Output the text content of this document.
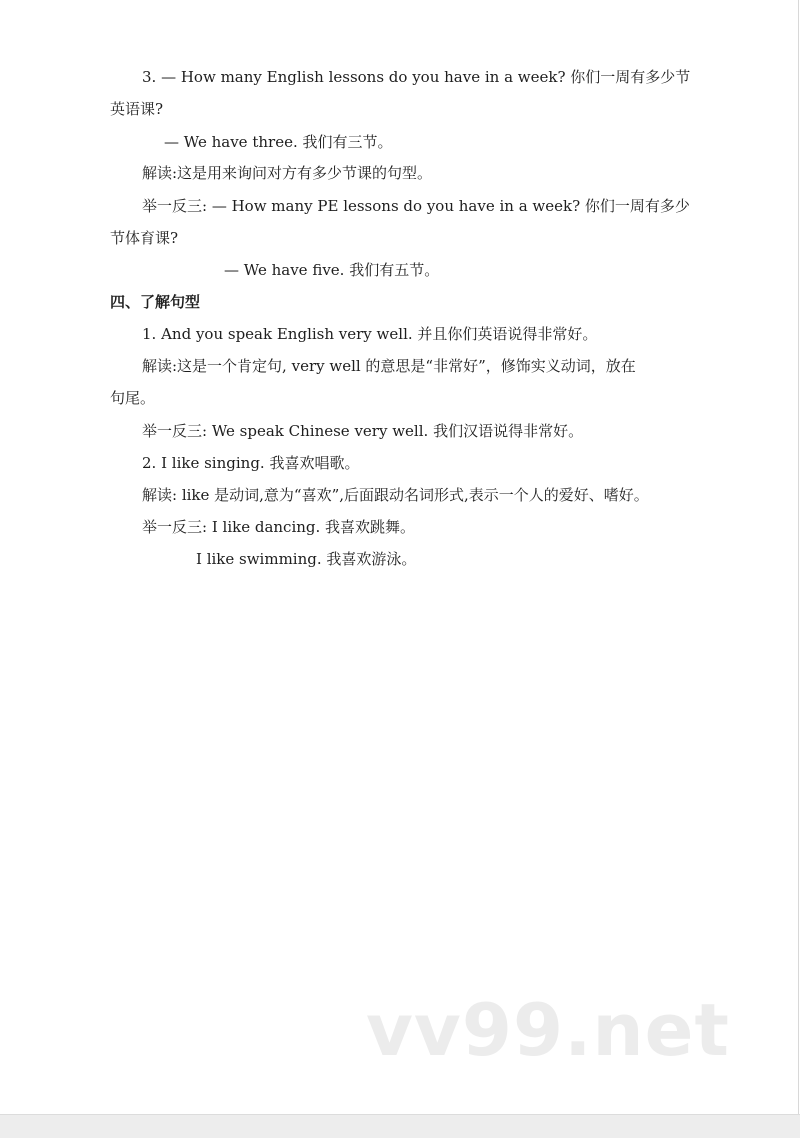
3. — How many English lessons do you have in a week? 你们一周有多少节
英语课?
— We have three. 我们有三节。
解读:这是用来询问对方有多少节课的句型。
举一反三: — How many PE lessons do you have in a week? 你们一周有多少
节体育课?
— We have five. 我们有五节。
四、了解句型
1. And you speak English very well. 并且你们英语说得非常好。
解读:这是一个肯定句, very well 的意思是“非常好”，修饰实义动词，放在
句尾。
举一反三: We speak Chinese very well. 我们汉语说得非常好。
2. I like singing. 我喜欢唱歌。
解读: like 是动词,意为“喜欢”,后面跟动名词形式,表示一个人的爱好、嗜好。
举一反三: I like dancing. 我喜欢跳舞。
I like swimming. 我喜欢游泳。
vv99.net
